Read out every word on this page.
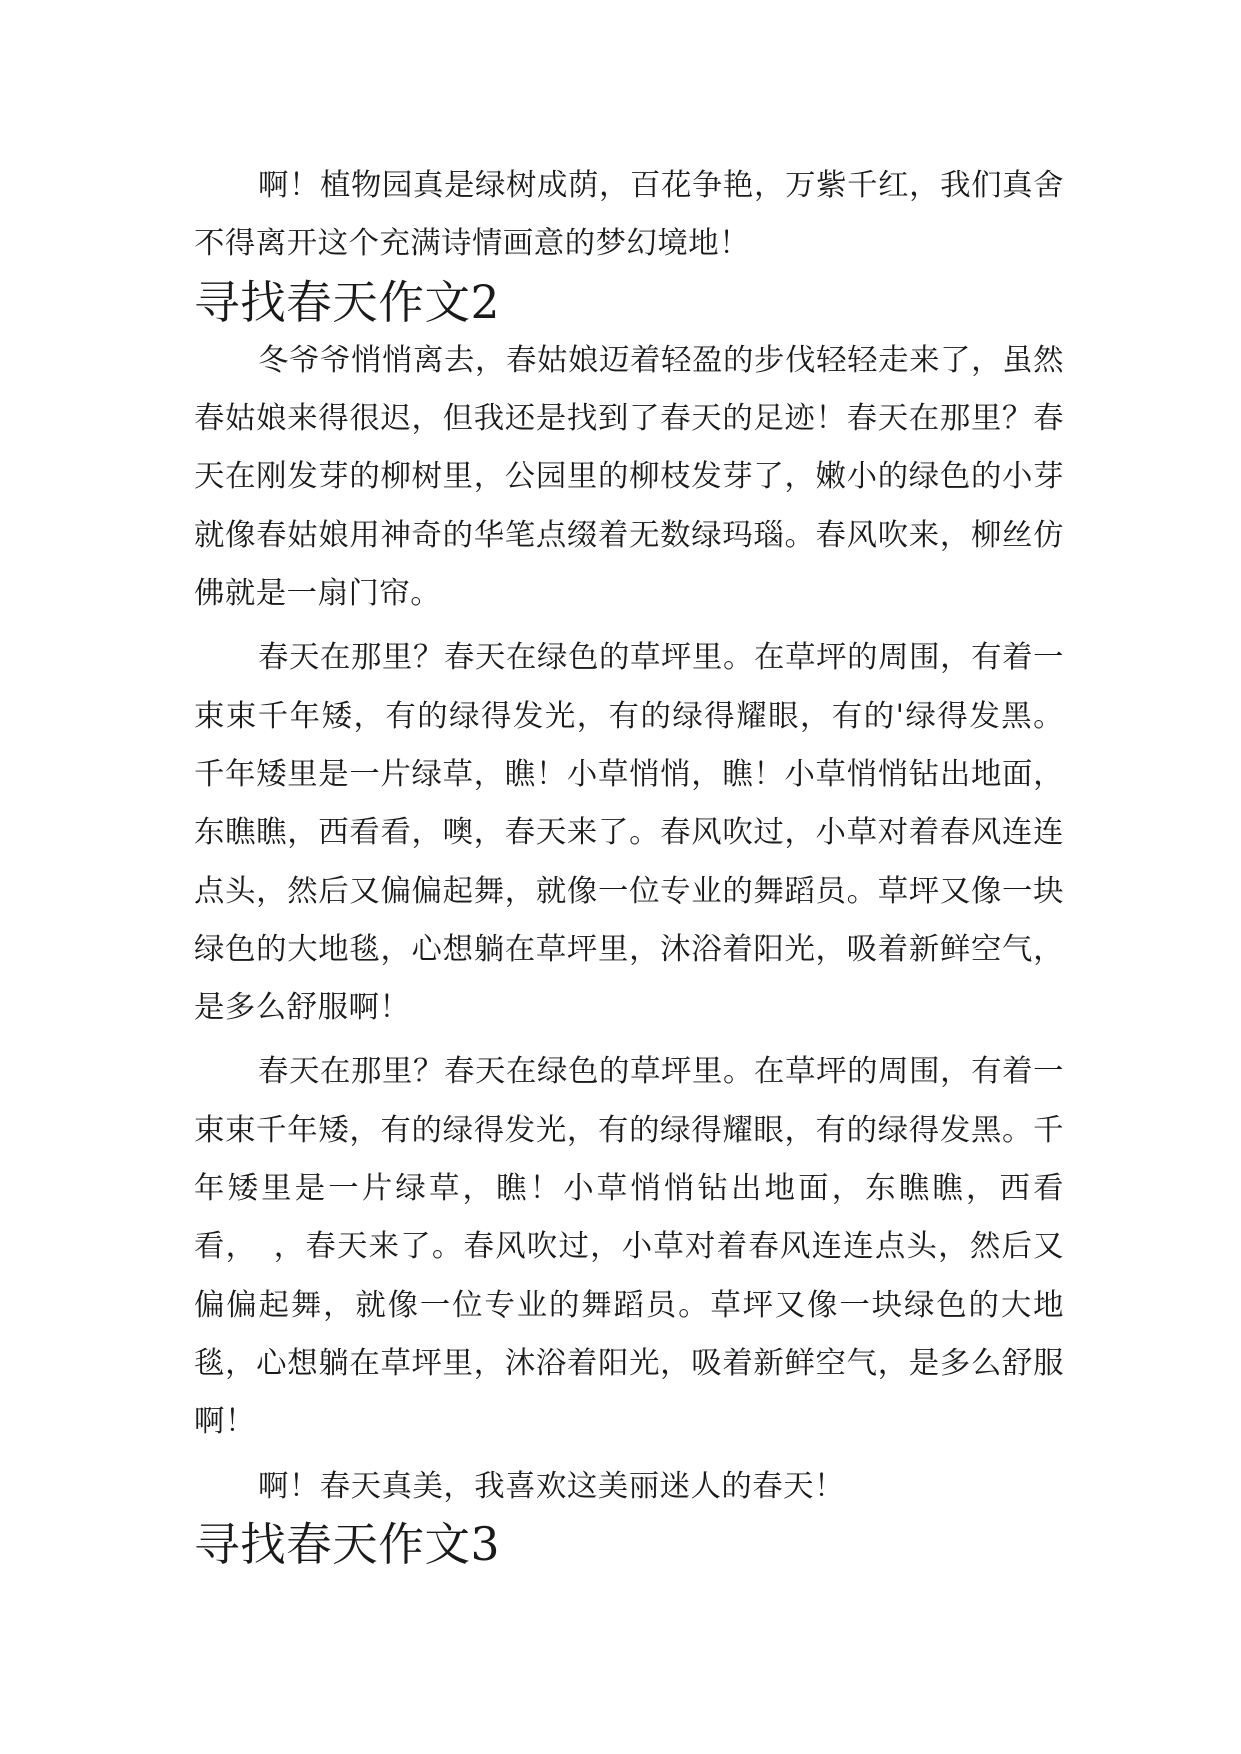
啊！植物园真是绿树成荫，百花争艳，万紫千红，我们真舍不得离开这个充满诗情画意的梦幻境地！

寻找春天作文2

冬爷爷悄悄离去，春姑娘迈着轻盈的步伐轻轻走来了，虽然春姑娘来得很迟，但我还是找到了春天的足迹！春天在那里？春天在刚发芽的柳树里，公园里的柳枝发芽了，嫩小的绿色的小芽就像春姑娘用神奇的华笔点缀着无数绿玛瑙。春风吹来，柳丝仿佛就是一扇门帘。

春天在那里？春天在绿色的草坪里。在草坪的周围，有着一束束千年矮，有的绿得发光，有的绿得耀眼，有的'绿得发黑。千年矮里是一片绿草，瞧！小草悄悄，瞧！小草悄悄钻出地面，东瞧瞧，西看看，噢，春天来了。春风吹过，小草对着春风连连点头，然后又偏偏起舞，就像一位专业的舞蹈员。草坪又像一块绿色的大地毯，心想躺在草坪里，沐浴着阳光，吸着新鲜空气，是多么舒服啊！

春天在那里？春天在绿色的草坪里。在草坪的周围，有着一束束千年矮，有的绿得发光，有的绿得耀眼，有的绿得发黑。千年矮里是一片绿草，瞧！小草悄悄钻出地面，东瞧瞧，西看看，　，春天来了。春风吹过，小草对着春风连连点头，然后又偏偏起舞，就像一位专业的舞蹈员。草坪又像一块绿色的大地毯，心想躺在草坪里，沐浴着阳光，吸着新鲜空气，是多么舒服啊！

啊！春天真美，我喜欢这美丽迷人的春天！

寻找春天作文3
